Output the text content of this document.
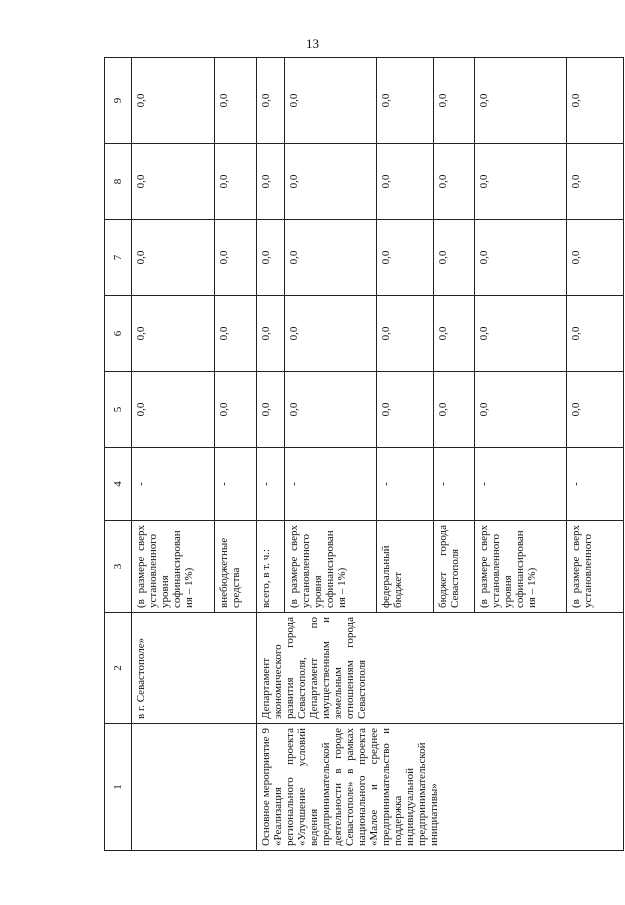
13
1	2	3	4	5	6	7	8	9
	в г. Севастополе»	(в размере сверх установленного уровня софинансирования – 1%)	-	0,0	0,0	0,0	0,0	0,0
		внебюджетные средства	-	0,0	0,0	0,0	0,0	0,0
Основное мероприятие 9 «Реализация регионального проекта «Улучшение условий ведения предпринимательской деятельности в городе Севастополе» в рамках национального проекта «Малое и среднее предпринимательство и поддержка индивидуальной предпринимательской инициативы»	Департамент экономического развития города Севастополя, Департамент по имущественным и земельным отношениям города Севастополя	всего, в т. ч.:	-	0,0	0,0	0,0	0,0	0,0
		(в размере сверх установленного уровня софинансирования – 1%)	-	0,0	0,0	0,0	0,0	0,0
		федеральный бюджет	-	0,0	0,0	0,0	0,0	0,0
		бюджет города Севастополя	-	0,0	0,0	0,0	0,0	0,0
		(в размере сверх установленного уровня софинансирования – 1%)	-	0,0	0,0	0,0	0,0	0,0
		(в размере сверх установленного	-	0,0	0,0	0,0	0,0	0,0
